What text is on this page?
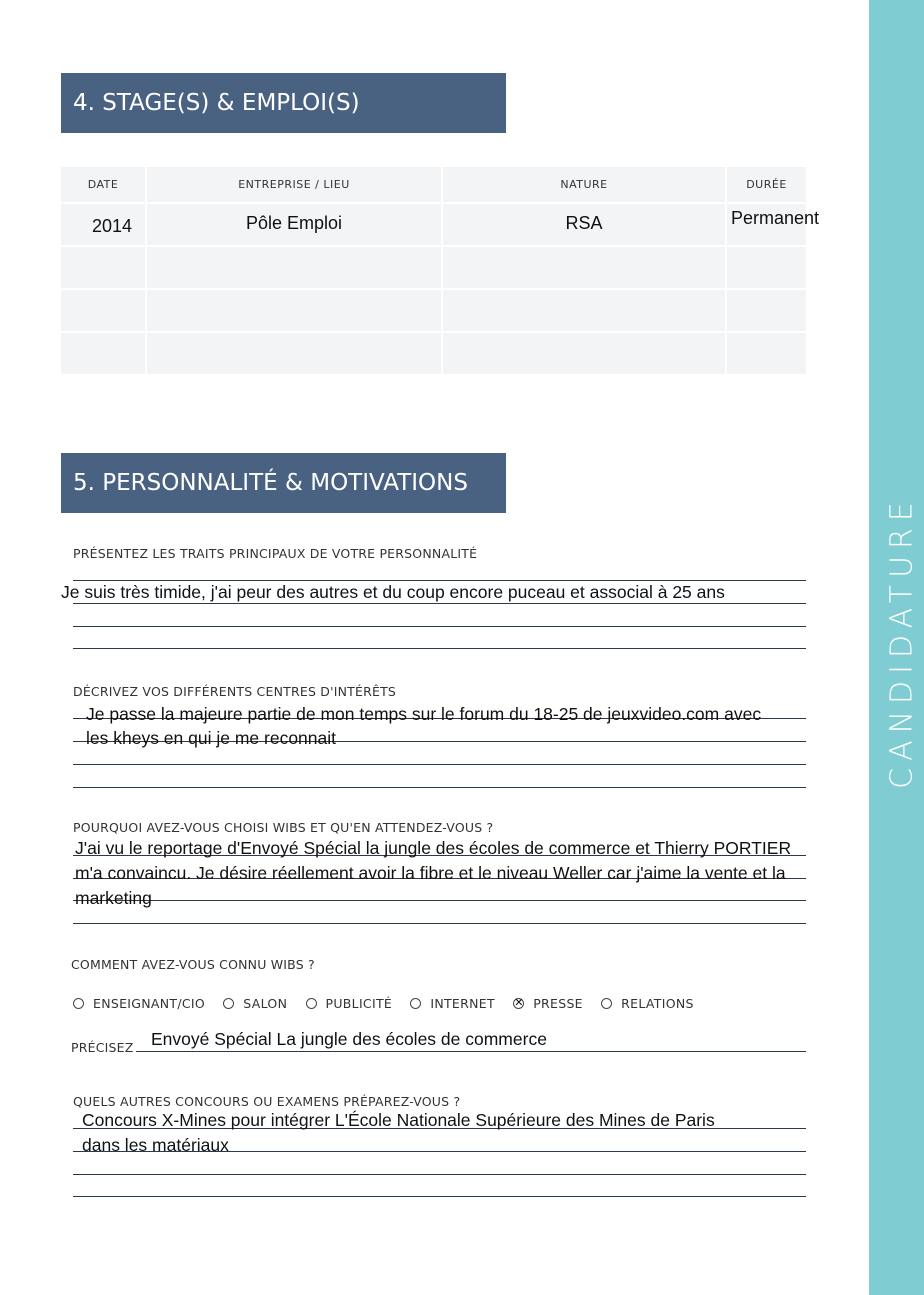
CANDIDATURE
4. STAGE(S) & EMPLOI(S)
DATE	ENTREPRISE / LIEU	NATURE	DURÉE
2014	Pôle Emploi	RSA	Permanent

5. PERSONNALITÉ & MOTIVATIONS
PRÉSENTEZ LES TRAITS PRINCIPAUX DE VOTRE PERSONNALITÉ
Je suis très timide, j'ai peur des autres et du coup encore puceau et associal à 25 ans
DÉCRIVEZ VOS DIFFÉRENTS CENTRES D'INTÉRÊTS
Je passe la majeure partie de mon temps sur le forum du 18-25 de jeuxvideo.com avec
les kheys en qui je me reconnait
POURQUOI AVEZ-VOUS CHOISI WIBS ET QU'EN ATTENDEZ-VOUS ?
J'ai vu le reportage d'Envoyé Spécial la jungle des écoles de commerce et Thierry PORTIER
m'a convaincu. Je désire réellement avoir la fibre et le niveau Weller car j'aime la vente et la
marketing
COMMENT AVEZ-VOUS CONNU WIBS ?
ENSEIGNANT/CIO
	SALON
	PUBLICITÉ
	INTERNET
✕	PRESSE
	RELATIONS
PRÉCISEZ Envoyé Spécial La jungle des écoles de commerce
QUELS AUTRES CONCOURS OU EXAMENS PRÉPAREZ-VOUS ?
Concours X-Mines pour intégrer L'École Nationale Supérieure des Mines de Paris
dans les matériaux
